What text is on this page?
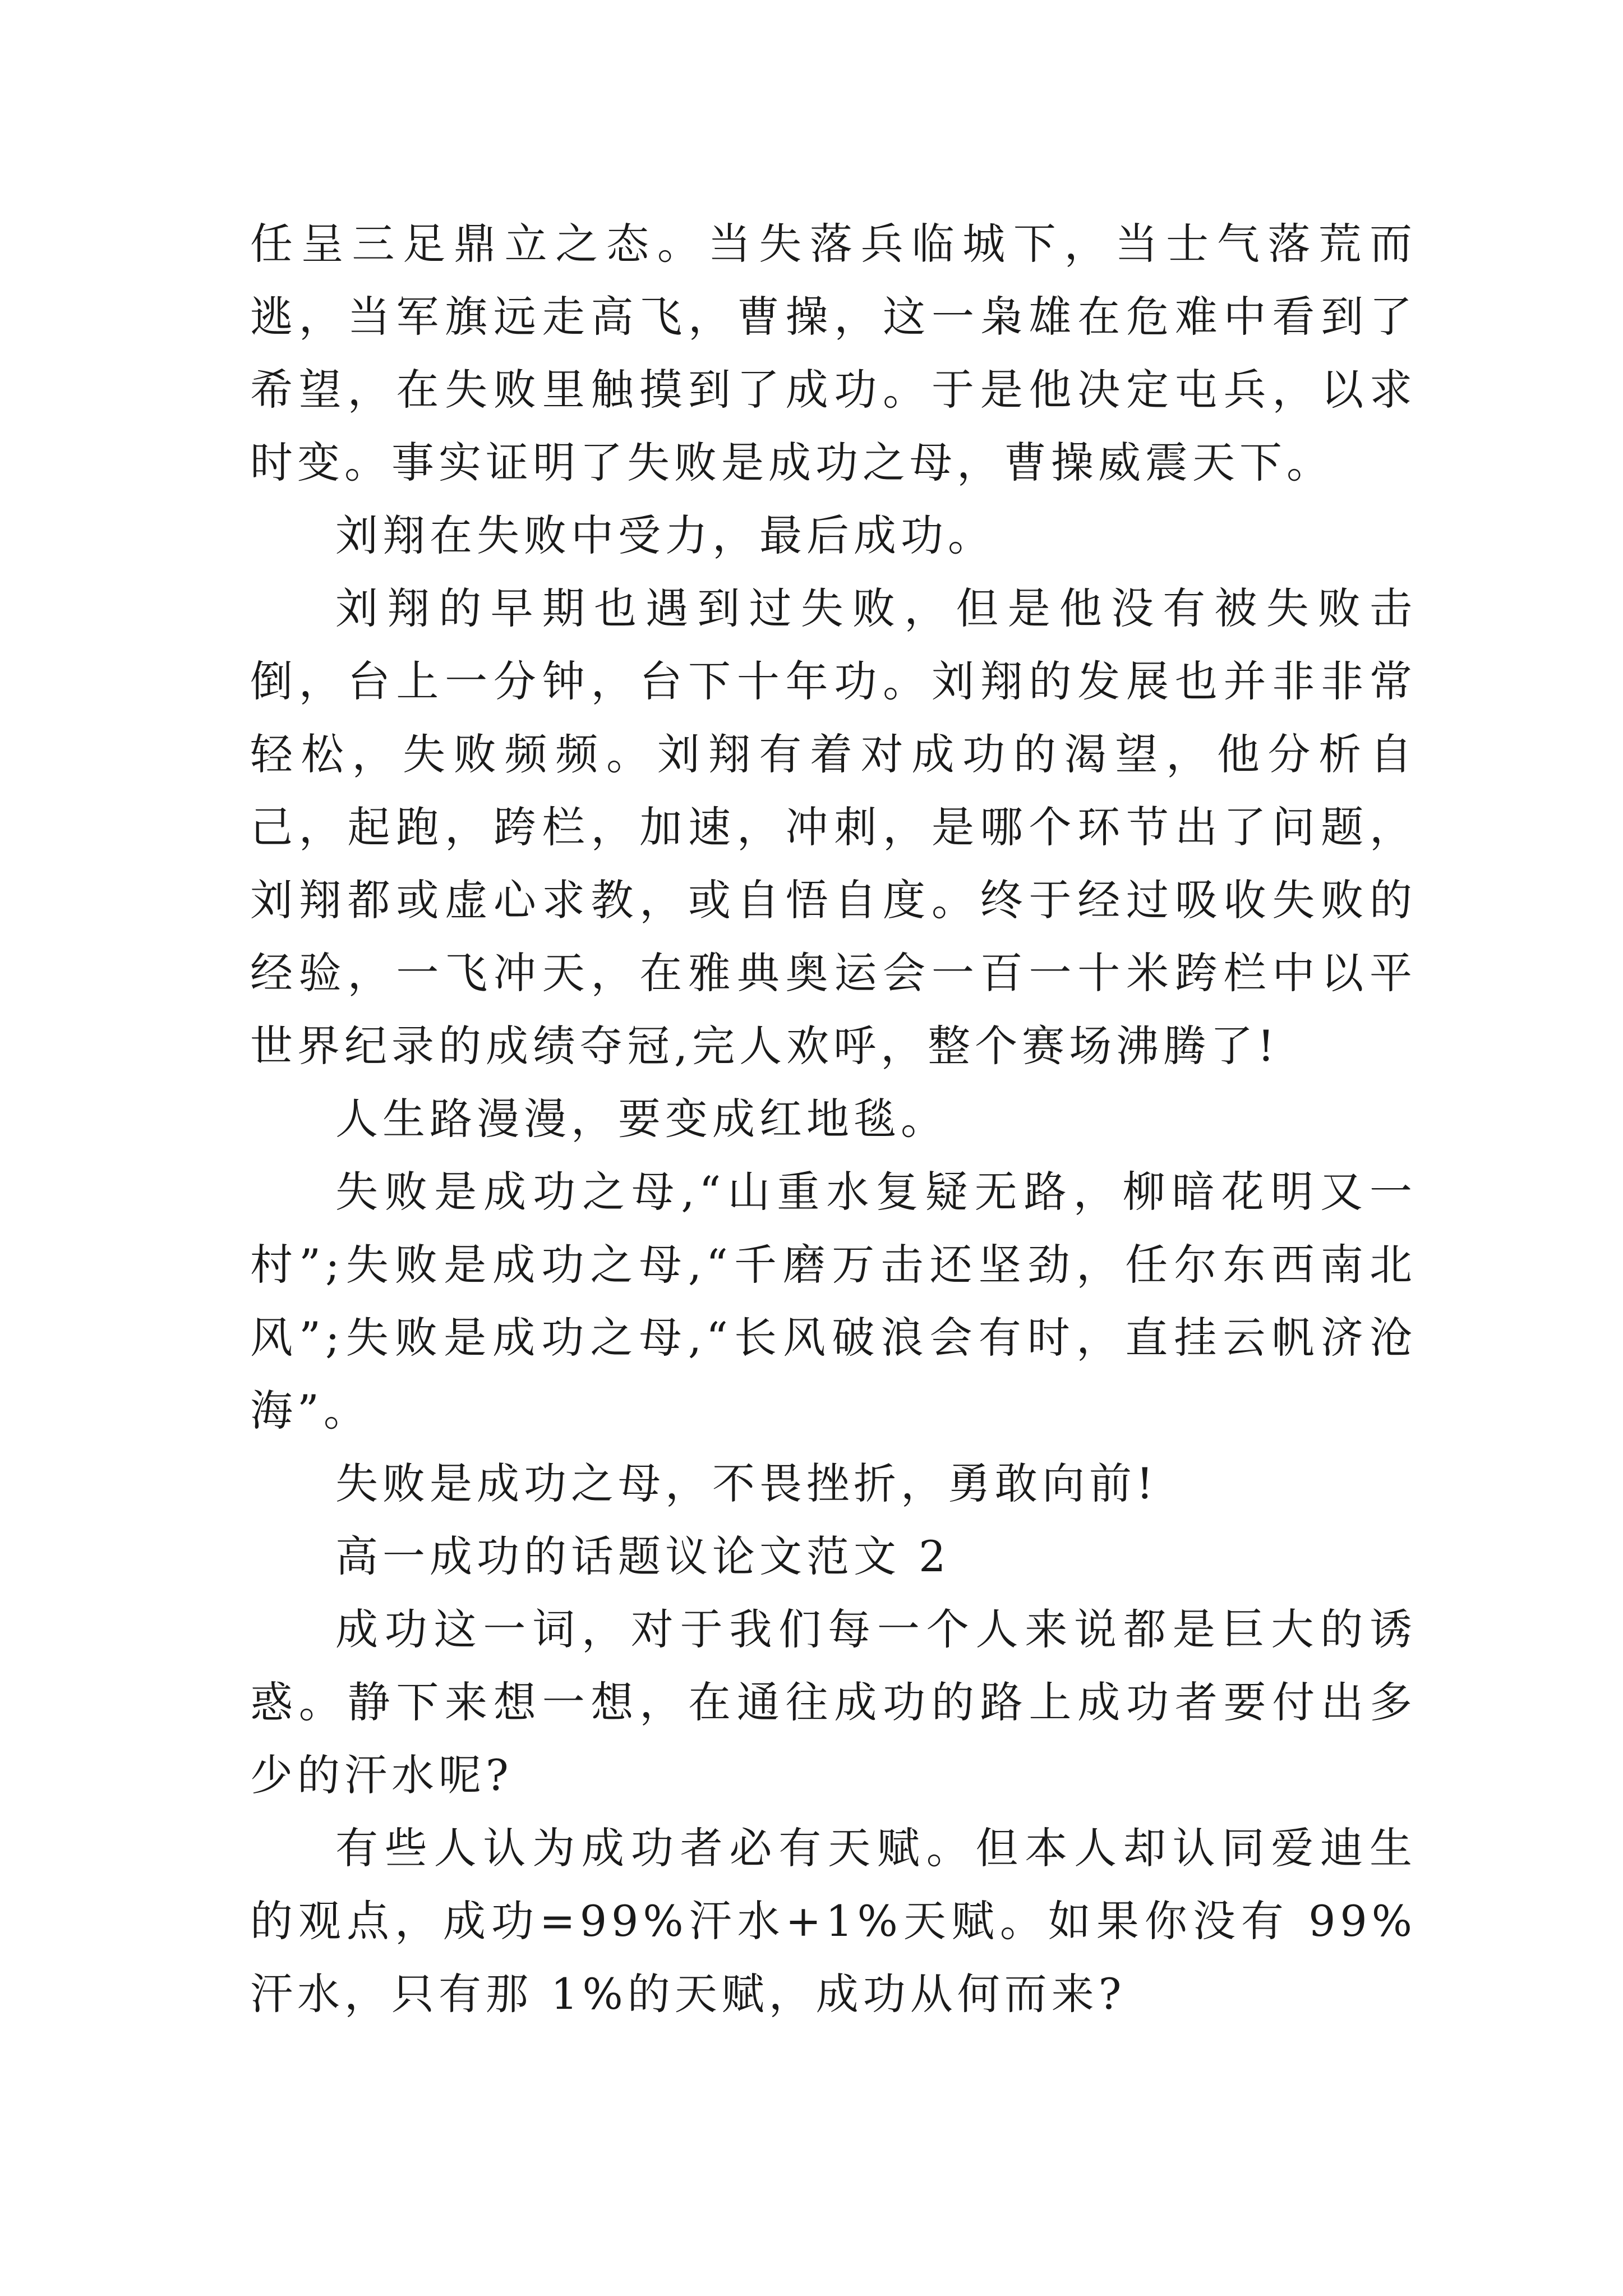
任呈三足鼎立之态。当失落兵临城下，当士气落荒而逃，当军旗远走高飞，曹操，这一枭雄在危难中看到了希望，在失败里触摸到了成功。于是他决定屯兵，以求时变。事实证明了失败是成功之母，曹操威震天下。

刘翔在失败中受力，最后成功。

刘翔的早期也遇到过失败，但是他没有被失败击倒，台上一分钟，台下十年功。刘翔的发展也并非非常轻松，失败频频。刘翔有着对成功的渴望，他分析自己，起跑，跨栏，加速，冲刺，是哪个环节出了问题，刘翔都或虚心求教，或自悟自度。终于经过吸收失败的经验，一飞冲天，在雅典奥运会一百一十米跨栏中以平世界纪录的成绩夺冠,完人欢呼，整个赛场沸腾了!

人生路漫漫，要变成红地毯。

失败是成功之母,“山重水复疑无路，柳暗花明又一村”;失败是成功之母,“千磨万击还坚劲，任尔东西南北风”;失败是成功之母,“长风破浪会有时，直挂云帆济沧海”。

失败是成功之母，不畏挫折，勇敢向前!

高一成功的话题议论文范文 2

成功这一词，对于我们每一个人来说都是巨大的诱惑。静下来想一想，在通往成功的路上成功者要付出多少的汗水呢?

有些人认为成功者必有天赋。但本人却认同爱迪生的观点，成功=99%汗水+1%天赋。如果你没有 99%汗水，只有那 1%的天赋，成功从何而来?
